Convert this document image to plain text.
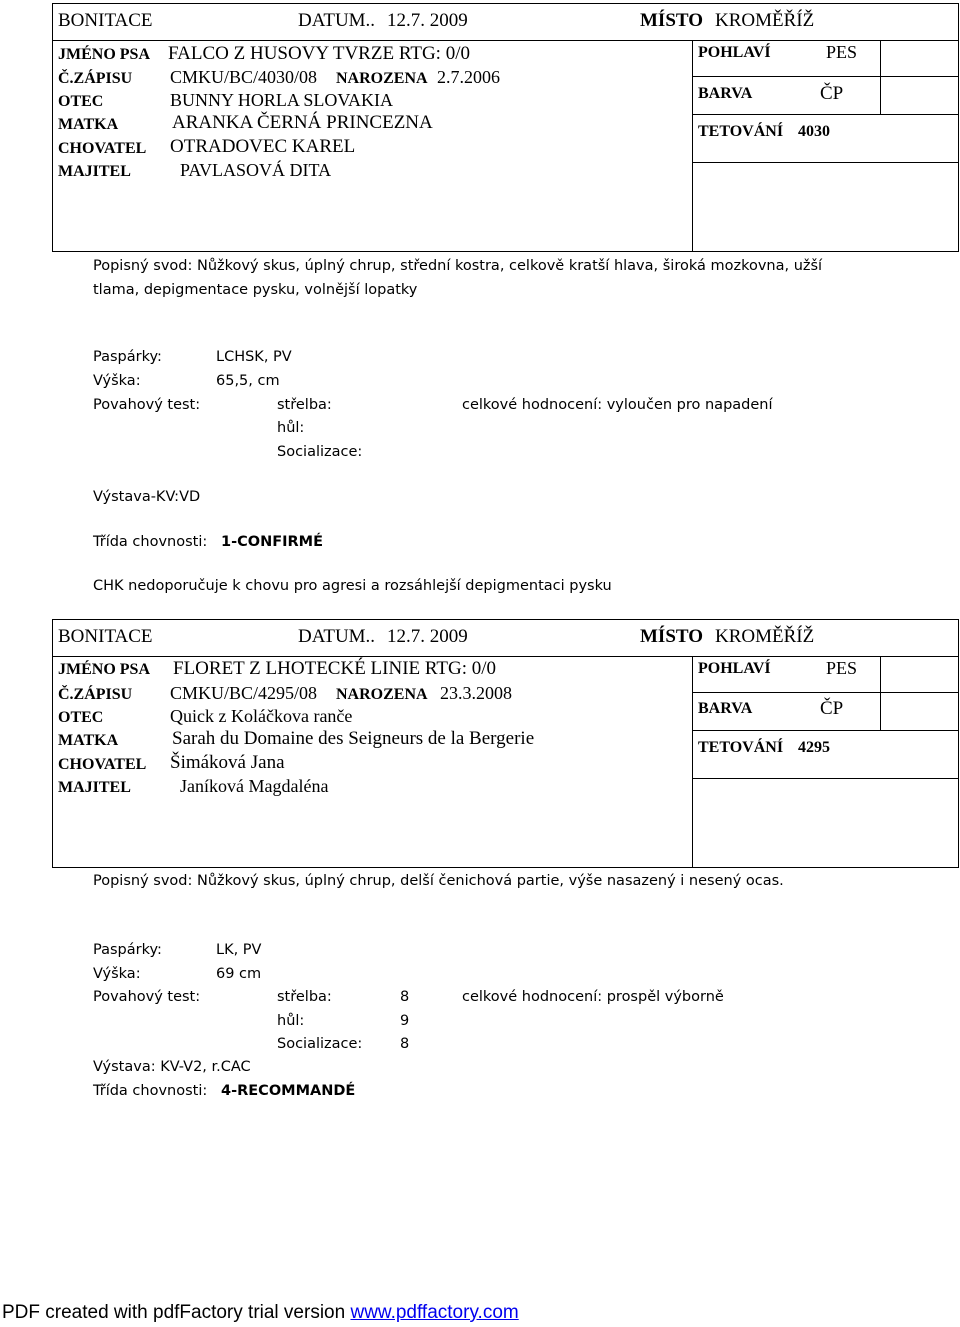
BONITACE	DATUM.. 12.7. 2009	MÍSTO KROMĚŘÍŽ
JMÉNO PSA FALCO Z HUSOVY TVRZE RTG: 0/0
Č.ZÁPISU CMKU/BC/4030/08 NAROZENA 2.7.2006
OTEC	BUNNY HORLA SLOVAKIA
MATKA	ARANKA ČERNÁ PRINCEZNA
CHOVATEL OTRADOVEC KAREL
MAJITEL	PAVLASOVÁ DITA
POHLAVÍ	PES
BARVA	ČP
TETOVÁNÍ 4030
Popisný svod: Nůžkový skus, úplný chrup, střední kostra, celkově kratší hlava, široká mozkovna, užší
tlama, depigmentace pysku, volnější lopatky
Paspárky:	LCHSK, PV
Výška:	65,5, cm
Povahový test:	střelba:	celkové hodnocení: vyloučen pro napadení
hůl:
Socializace:
Výstava-KV:VD
Třída chovnosti: 1-CONFIRMÉ
CHK nedoporučuje k chovu pro agresi a rozsáhlejší depigmentaci pysku
BONITACE	DATUM.. 12.7. 2009	MÍSTO KROMĚŘÍŽ
JMÉNO PSA FLORET Z LHOTECKÉ LINIE RTG: 0/0
Č.ZÁPISU CMKU/BC/4295/08 NAROZENA 23.3.2008
OTEC	Quick z Koláčkova ranče
MATKA	Sarah du Domaine des Seigneurs de la Bergerie
CHOVATEL Šimáková Jana
MAJITEL	Janíková Magdaléna
POHLAVÍ	PES
BARVA	ČP
TETOVÁNÍ 4295
Popisný svod: Nůžkový skus, úplný chrup, delší čenichová partie, výše nasazený i nesený ocas.
Paspárky:	LK, PV
Výška:	69 cm
Povahový test:	střelba:	8	celkové hodnocení: prospěl výborně
hůl:	9
Socializace:	8
Výstava: KV-V2, r.CAC
Třída chovnosti: 4-RECOMMANDÉ
PDF created with pdfFactory trial version www.pdffactory.com
